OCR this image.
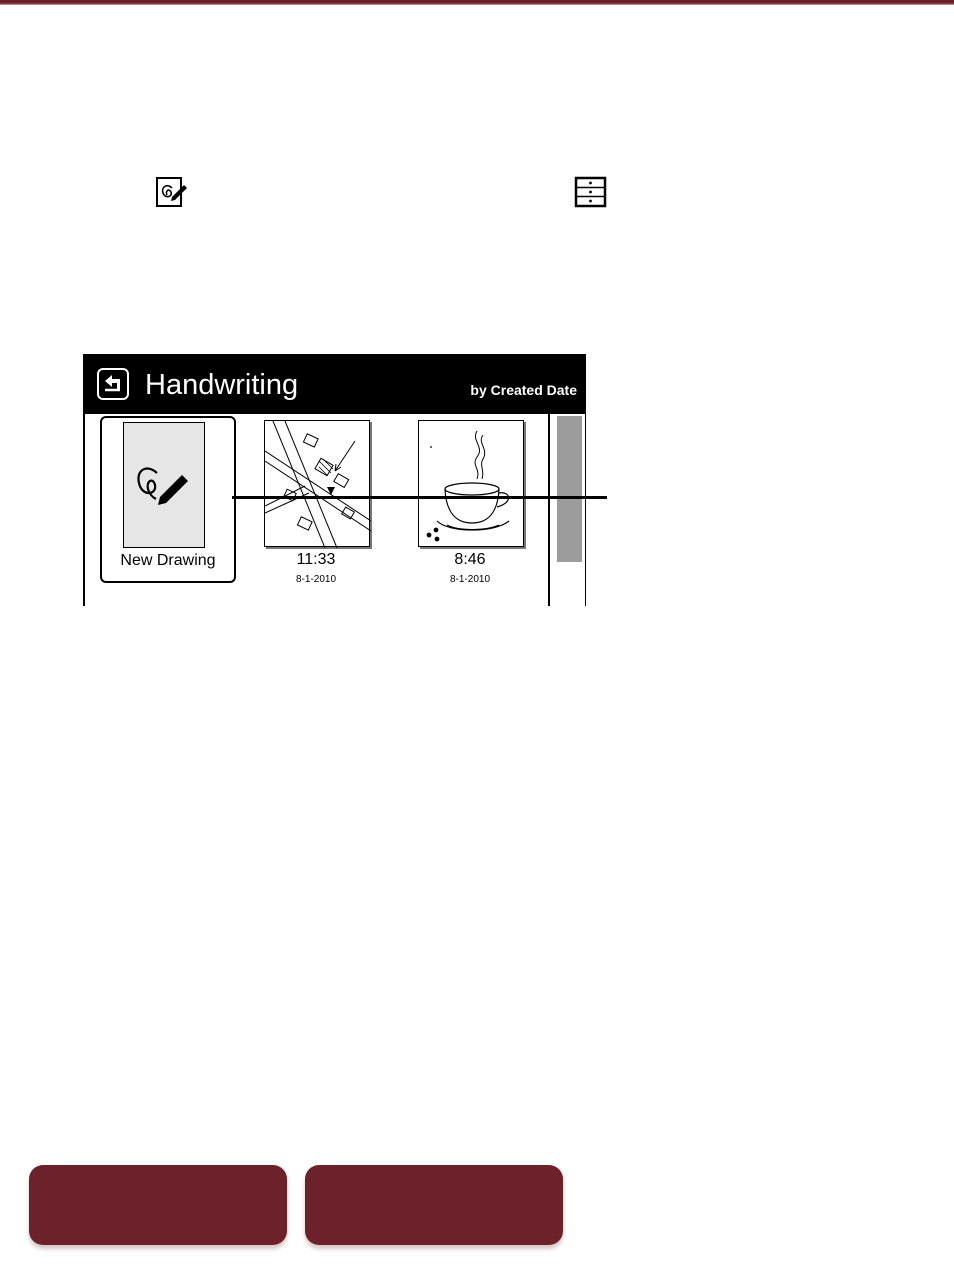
Handwriting	by Created Date
New Drawing	11:33
8-1-2010
8:46
8-1-2010
